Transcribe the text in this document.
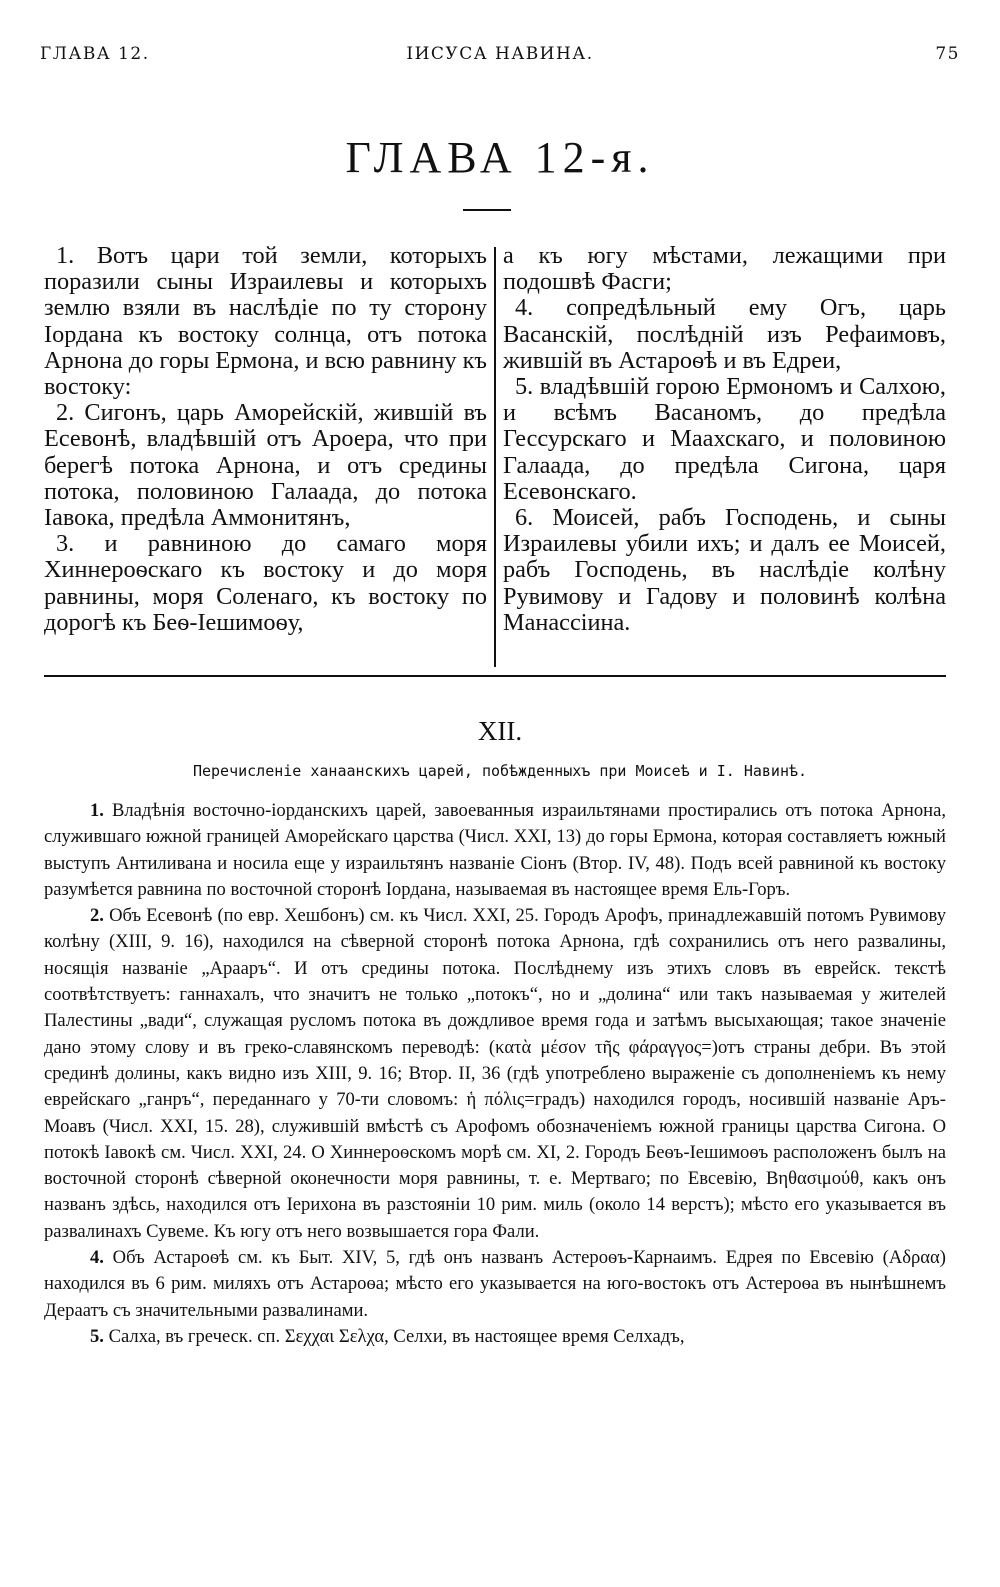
ГЛАВА 12.	ІИСУСА НАВИНА.	75
ГЛАВА 12-я.

1. Вотъ цари той земли, которыхъ поразили сыны Израилевы и которыхъ землю взяли въ наслѣдіе по ту сторону Іордана къ востоку солнца, отъ потока Арнона до горы Ермона, и всю равнину къ востоку:

2. Сигонъ, царь Аморейскій, жившій въ Есевонѣ, владѣвшій отъ Ароера, что при берегѣ потока Арнона, и отъ средины потока, половиною Галаада, до потока Іавока, предѣла Аммонитянъ,

3. и равниною до самаго моря Хиннероѳскаго къ востоку и до моря равнины, моря Соленаго, къ востоку по дорогѣ къ Беѳ-Іешимоѳу,

а къ югу мѣстами, лежащими при подошвѣ Фасги;

4. сопредѣльный ему Огъ, царь Васанскій, послѣдній изъ Рефаимовъ, жившій въ Астароѳѣ и въ Едреи,

5. владѣвшій горою Ермономъ и Салхою, и всѣмъ Васаномъ, до предѣла Гессурскаго и Маахскаго, и половиною Галаада, до предѣла Сигона, царя Есевонскаго.

6. Моисей, рабъ Господень, и сыны Израилевы убили ихъ; и далъ ее Моисей, рабъ Господень, въ наслѣдіе колѣну Рувимову и Гадову и половинѣ колѣна Манассіина.

XII.
Перечисленіе ханаанскихъ царей, побѣжденныхъ при Моисеѣ и І. Навинѣ.

1. Владѣнія восточно-іорданскихъ царей, завоеванныя израильтянами простирались отъ потока Арнона, служившаго южной границей Аморейскаго царства (Числ. XXI, 13) до горы Ермона, которая составляетъ южный выступъ Антиливана и носила еще у израильтянъ названіе Сіонъ (Втор. IV, 48). Подъ всей равниной къ востоку разумѣется равнина по восточной сторонѣ Іордана, называемая въ настоящее время Ель-Горъ.

2. Объ Есевонѣ (по евр. Хешбонъ) см. къ Числ. XXI, 25. Городъ Арофъ, принадлежавшій потомъ Рувимову колѣну (XIII, 9. 16), находился на сѣверной сторонѣ потока Арнона, гдѣ сохранились отъ него развалины, носящія названіе „Арааръ“. И отъ средины потока. Послѣднему изъ этихъ словъ въ еврейск. текстѣ соотвѣтствуетъ: ганнахалъ, что значитъ не только „потокъ“, но и „долина“ или такъ называемая у жителей Палестины „вади“, служащая русломъ потока въ дождливое время года и затѣмъ высыхающая; такое значеніе дано этому слову и въ греко-славянскомъ переводѣ: (κατὰ μέσον τῆς φάραγγος=)отъ страны дебри. Въ этой срединѣ долины, какъ видно изъ XIII, 9. 16; Втор. II, 36 (гдѣ употреблено выраженіе съ дополненіемъ къ нему еврейскаго „ганръ“, переданнаго у 70-ти словомъ: ἡ πόλις=градъ) находился городъ, носившій названіе Аръ-Моавъ (Числ. XXI, 15. 28), служившій вмѣстѣ съ Арофомъ обозначеніемъ южной границы царства Сигона. О потокѣ Іавокѣ см. Числ. XXI, 24. О Хиннероѳскомъ морѣ см. XI, 2. Городъ Беѳъ-Іешимоѳъ расположенъ былъ на восточной сторонѣ сѣверной оконечности моря равнины, т. е. Мертваго; по Евсевію, Βηθασιμούθ, какъ онъ названъ здѣсь, находился отъ Іерихона въ разстояніи 10 рим. миль (около 14 верстъ); мѣсто его указывается въ развалинахъ Сувеме. Къ югу отъ него возвышается гора Фали.

4. Объ Астароѳѣ см. къ Быт. XIV, 5, гдѣ онъ названъ Астероѳъ-Карнаимъ. Едрея по Евсевію (Αδραα) находился въ 6 рим. миляхъ отъ Астароѳа; мѣсто его указывается на юго-востокъ отъ Астероѳа въ нынѣшнемъ Дераатъ съ значительными развалинами.

5. Салха, въ греческ. сп. Σεχχαι Σελχα, Селхи, въ настоящее время Селхадъ,
